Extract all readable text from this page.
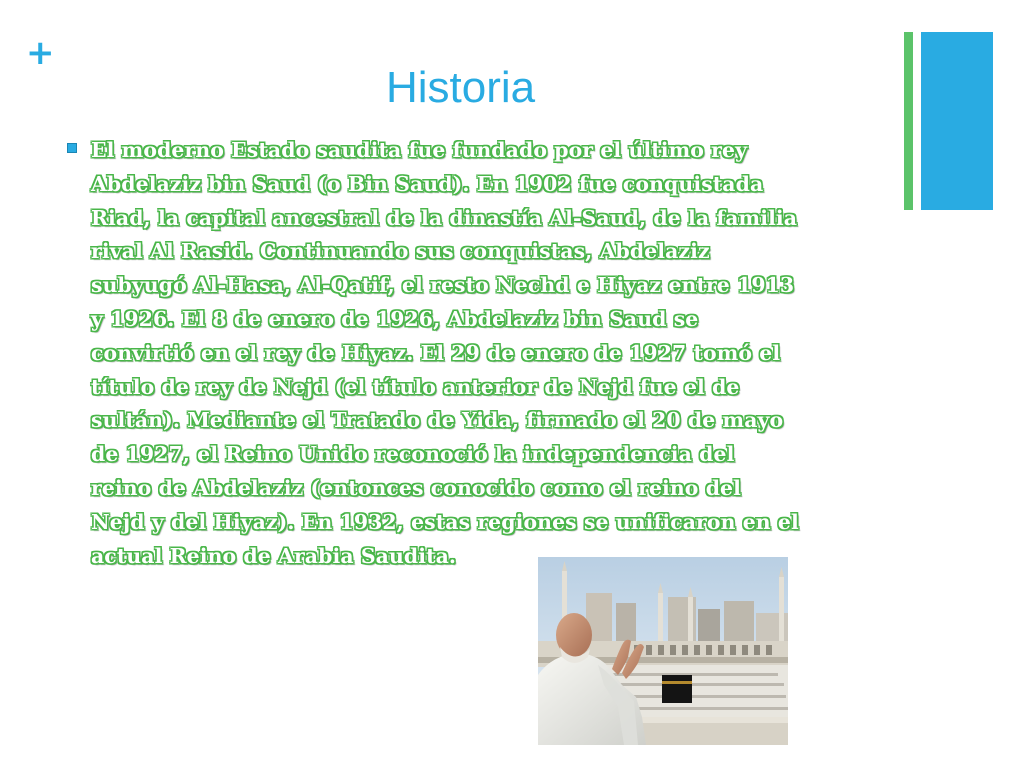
+
Historia
El moderno Estado saudita fue fundado por el último rey
Abdelaziz bin Saud (o Bin Saud). En 1902 fue conquistada
Riad, la capital ancestral de la dinastía Al-Saud, de la familia
rival Al Rasid. Continuando sus conquistas, Abdelaziz
subyugó Al-Hasa, Al-Qatif, el resto Nechd e Hiyaz entre 1913
y 1926. El 8 de enero de 1926, Abdelaziz bin Saud se
convirtió en el rey de Hiyaz. El 29 de enero de 1927 tomó el
título de rey de Nejd (el título anterior de Nejd fue el de
sultán). Mediante el Tratado de Yida, firmado el 20 de mayo
de 1927, el Reino Unido reconoció la independencia del
reino de Abdelaziz (entonces conocido como el reino del
Nejd y del Hiyaz). En 1932, estas regiones se unificaron en el
actual Reino de Arabia Saudita.
